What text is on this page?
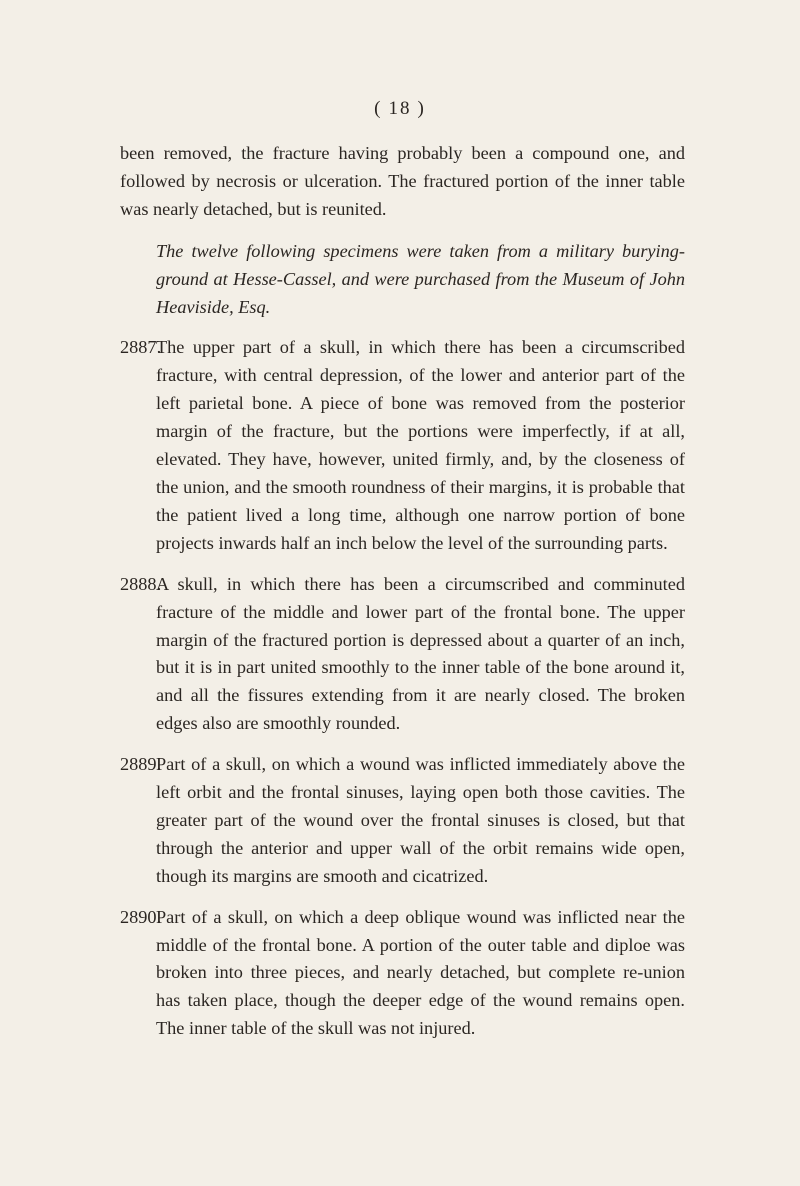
( 18 )

been removed, the fracture having probably been a compound one, and followed by necrosis or ulceration. The fractured portion of the inner table was nearly detached, but is reunited.

The twelve following specimens were taken from a military burying-ground at Hesse-Cassel, and were purchased from the Museum of John Heaviside, Esq.

2887.The upper part of a skull, in which there has been a circumscribed fracture, with central depression, of the lower and anterior part of the left parietal bone. A piece of bone was removed from the posterior margin of the fracture, but the portions were imperfectly, if at all, elevated. They have, however, united firmly, and, by the closeness of the union, and the smooth roundness of their margins, it is probable that the patient lived a long time, although one narrow portion of bone projects inwards half an inch below the level of the surrounding parts.

2888.A skull, in which there has been a circumscribed and comminuted fracture of the middle and lower part of the frontal bone. The upper margin of the fractured portion is depressed about a quarter of an inch, but it is in part united smoothly to the inner table of the bone around it, and all the fissures extending from it are nearly closed. The broken edges also are smoothly rounded.

2889.Part of a skull, on which a wound was inflicted immediately above the left orbit and the frontal sinuses, laying open both those cavities. The greater part of the wound over the frontal sinuses is closed, but that through the anterior and upper wall of the orbit remains wide open, though its margins are smooth and cicatrized.

2890.Part of a skull, on which a deep oblique wound was inflicted near the middle of the frontal bone. A portion of the outer table and diploe was broken into three pieces, and nearly detached, but complete re-union has taken place, though the deeper edge of the wound remains open. The inner table of the skull was not injured.
